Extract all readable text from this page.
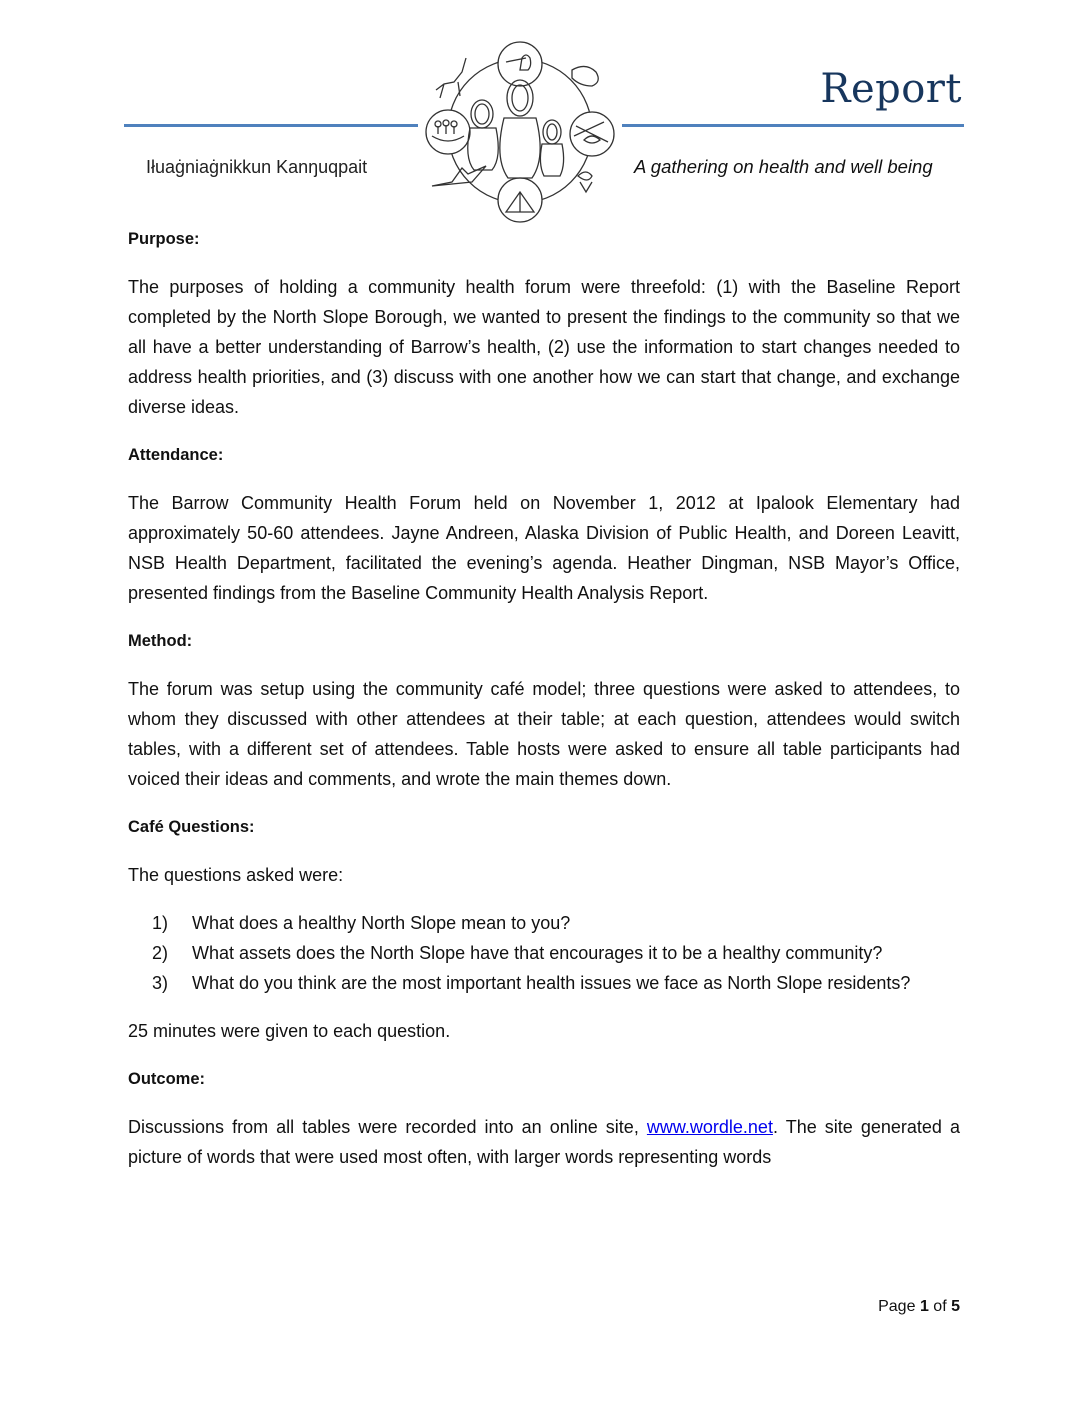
Report
Iłuaġniaġnikkun Kanŋuqpait	A gathering on health and well being
Purpose:

The purposes of holding a community health forum were threefold: (1) with the Baseline Report completed by the North Slope Borough, we wanted to present the findings to the community so that we all have a better understanding of Barrow’s health, (2) use the information to start changes needed to address health priorities, and (3) discuss with one another how we can start that change, and exchange diverse ideas.

Attendance:

The Barrow Community Health Forum held on November 1, 2012 at Ipalook Elementary had approximately 50-60 attendees. Jayne Andreen, Alaska Division of Public Health, and Doreen Leavitt, NSB Health Department, facilitated the evening’s agenda. Heather Dingman, NSB Mayor’s Office, presented findings from the Baseline Community Health Analysis Report.

Method:

The forum was setup using the community café model; three questions were asked to attendees, to whom they discussed with other attendees at their table; at each question, attendees would switch tables, with a different set of attendees. Table hosts were asked to ensure all table participants had voiced their ideas and comments, and wrote the main themes down.

Café Questions:

The questions asked were:

1) What does a healthy North Slope mean to you?
2) What assets does the North Slope have that encourages it to be a healthy community?
3) What do you think are the most important health issues we face as North Slope residents?

25 minutes were given to each question.

Outcome:

Discussions from all tables were recorded into an online site, www.wordle.net. The site generated a picture of words that were used most often, with larger words representing words

Page 1 of 5
